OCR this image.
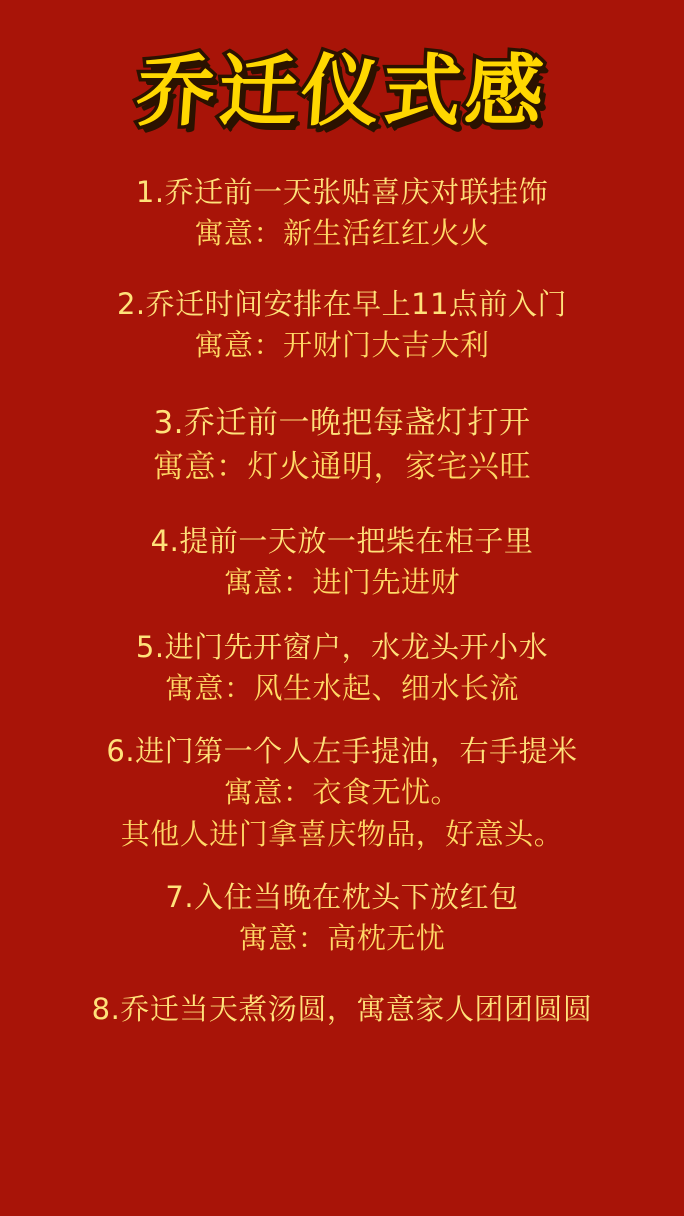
乔迁仪式感
1.乔迁前一天张贴喜庆对联挂饰
寓意：新生活红红火火
2.乔迁时间安排在早上11点前入门
寓意：开财门大吉大利
3.乔迁前一晚把每盏灯打开
寓意：灯火通明，家宅兴旺
4.提前一天放一把柴在柜子里
寓意：进门先进财
5.进门先开窗户，水龙头开小水
寓意：风生水起、细水长流
6.进门第一个人左手提油，右手提米
寓意：衣食无忧。
其他人进门拿喜庆物品，好意头。
7.入住当晚在枕头下放红包
寓意：高枕无忧
8.乔迁当天煮汤圆，寓意家人团团圆圆
